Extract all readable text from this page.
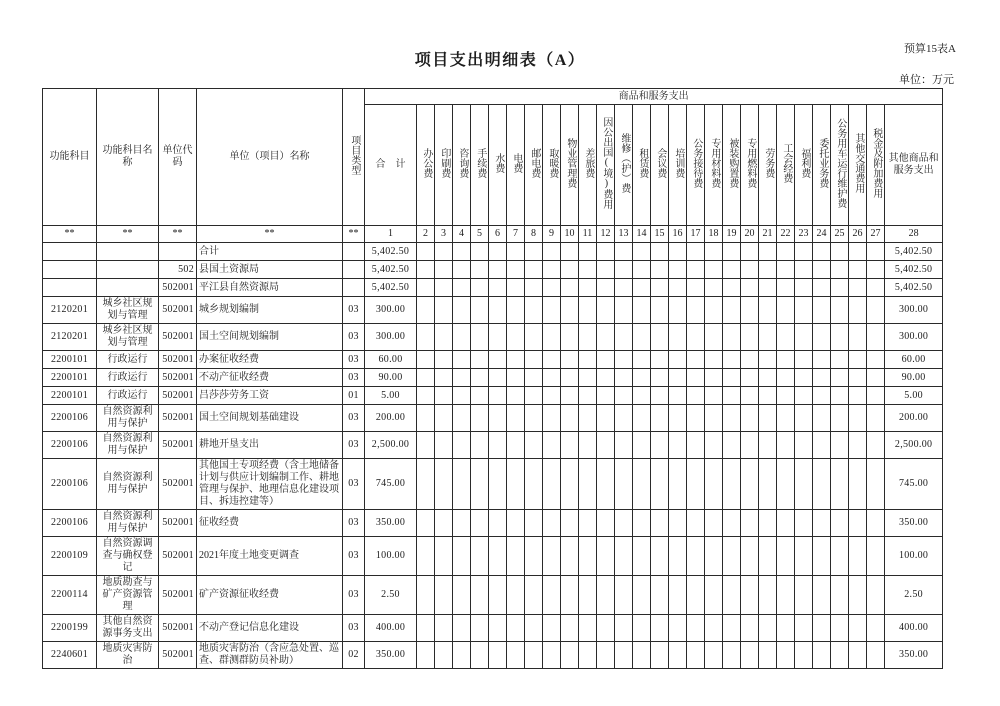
预算15表A
项目支出明细表（A）
单位：万元
功能科目	功能科目名称	单位代码	单位（项目）名称	项目类型	商品和服务支出																											
					合　计	办公费	印刷费	咨询费	手续费	水费	电费	邮电费	取暖费	物业管理费	差旅费	因公出国(境)费用	维修（护）费	租赁费	会议费	培训费	公务接待费	专用材料费	被装购置费	专用燃料费	劳务费	工会经费	福利费	委托业务费	公务用车运行维护费	其他交通费用	税金及附加费用	其他商品和服务支出
**	**	**	**	**	1	2	3	4	5	6	7	8	9	10	11	12	13	14	15	16	17	18	19	20	21	22	23	24	25	26	27	28
			合计		5,402.50																											5,402.50
		502	县国土资源局		5,402.50																											5,402.50
		502001	平江县自然资源局		5,402.50																											5,402.50
2120201	城乡社区规划与管理	502001	城乡规划编制	03	300.00																											300.00
2120201	城乡社区规划与管理	502001	国土空间规划编制	03	300.00																											300.00
2200101	行政运行	502001	办案征收经费	03	60.00																											60.00
2200101	行政运行	502001	不动产征收经费	03	90.00																											90.00
2200101	行政运行	502001	吕莎莎劳务工资	01	5.00																											5.00
2200106	自然资源利用与保护	502001	国土空间规划基础建设	03	200.00																											200.00
2200106	自然资源利用与保护	502001	耕地开垦支出	03	2,500.00																											2,500.00
2200106	自然资源利用与保护	502001	其他国土专项经费（含土地储备计划与供应计划编制工作、耕地管理与保护、地理信息化建设项目、拆违控建等）	03	745.00																											745.00
2200106	自然资源利用与保护	502001	征收经费	03	350.00																											350.00
2200109	自然资源调查与确权登记	502001	2021年度土地变更调查	03	100.00																											100.00
2200114	地质勘查与矿产资源管理	502001	矿产资源征收经费	03	2.50																											2.50
2200199	其他自然资源事务支出	502001	不动产登记信息化建设	03	400.00																											400.00
2240601	地质灾害防治	502001	地质灾害防治（含应急处置、巡查、群测群防员补助）	02	350.00																											350.00
